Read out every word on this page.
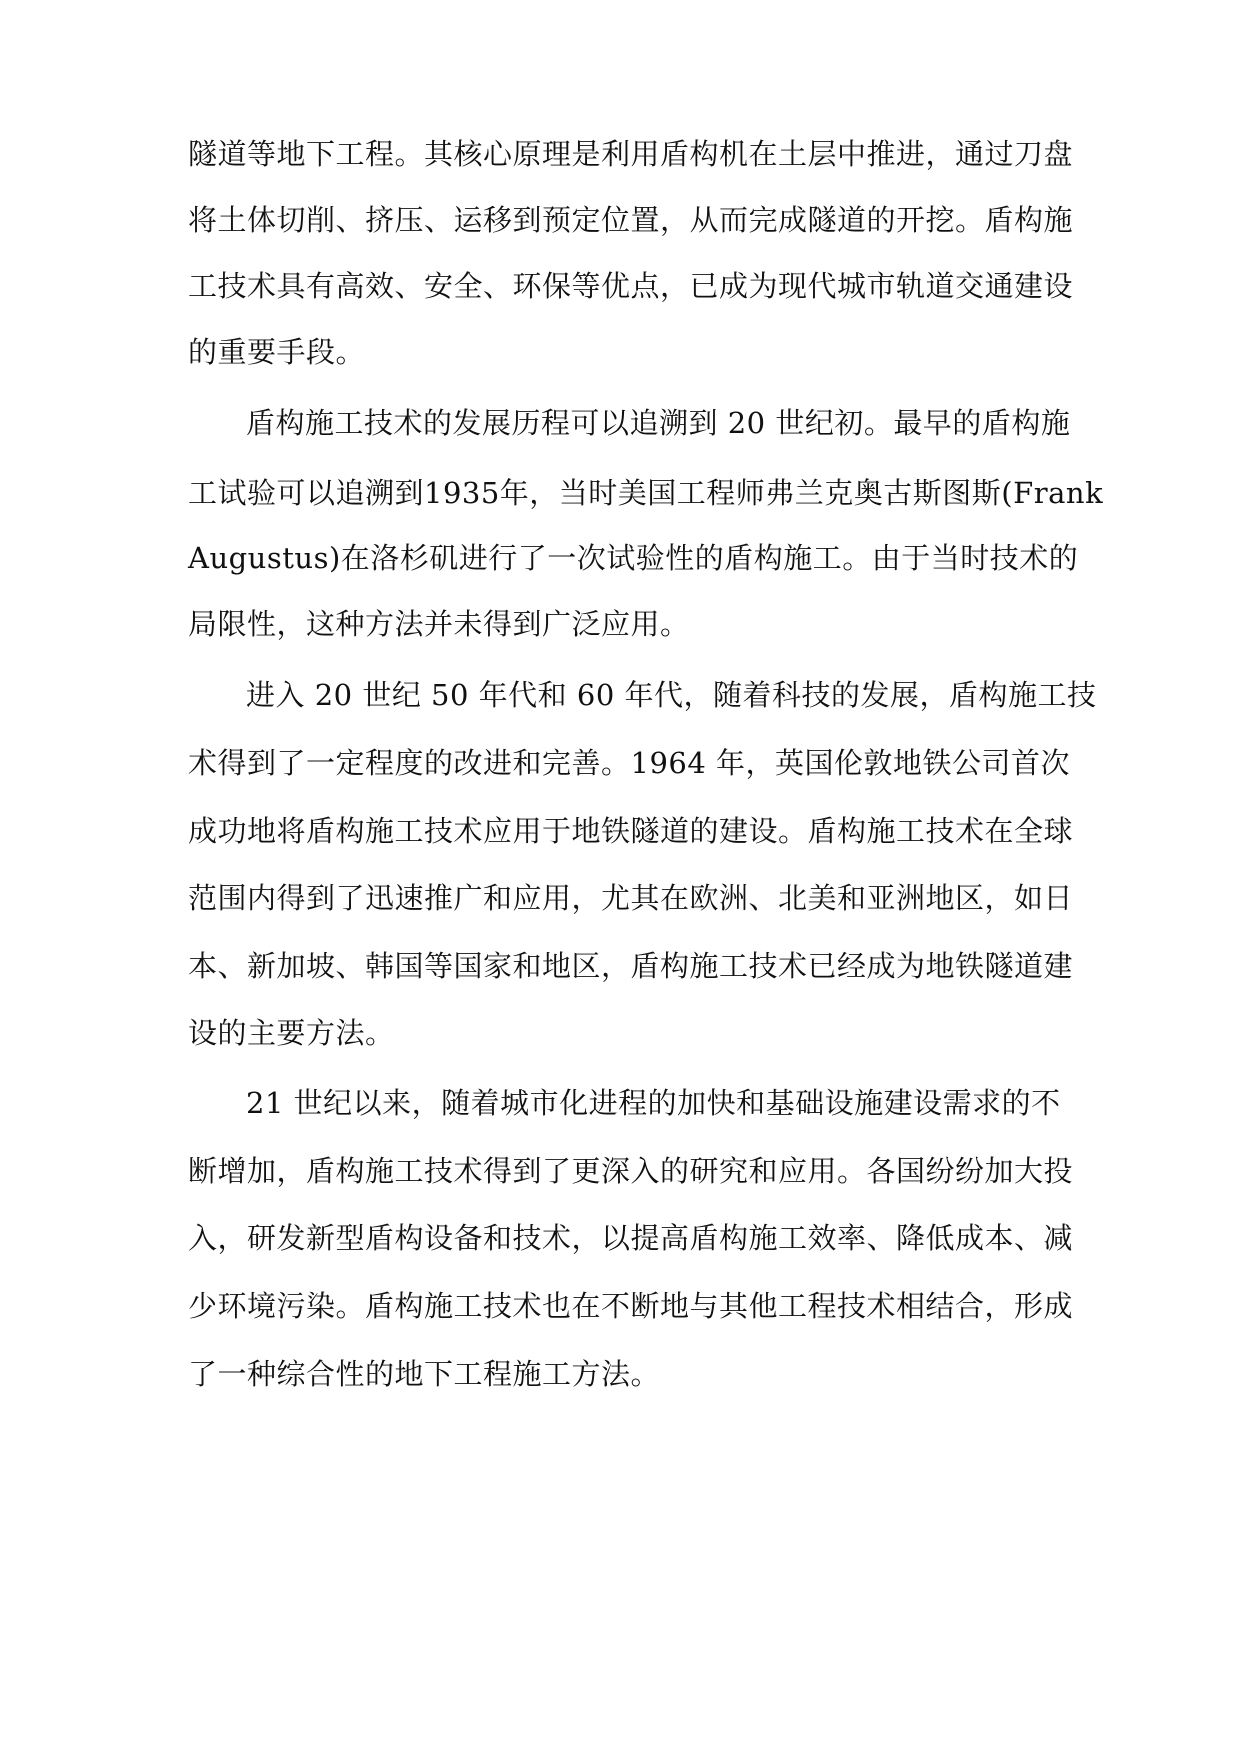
隧道等地下工程。其核心原理是利用盾构机在土层中推进，通过刀盘
将土体切削、挤压、运移到预定位置，从而完成隧道的开挖。盾构施
工技术具有高效、安全、环保等优点，已成为现代城市轨道交通建设
的重要手段。
盾构施工技术的发展历程可以追溯到 20 世纪初。最早的盾构施
工试验可以追溯到1935年，当时美国工程师弗兰克奥古斯图斯(Frank
Augustus)在洛杉矶进行了一次试验性的盾构施工。由于当时技术的
局限性，这种方法并未得到广泛应用。
进入 20 世纪 50 年代和 60 年代，随着科技的发展，盾构施工技
术得到了一定程度的改进和完善。1964 年，英国伦敦地铁公司首次
成功地将盾构施工技术应用于地铁隧道的建设。盾构施工技术在全球
范围内得到了迅速推广和应用，尤其在欧洲、北美和亚洲地区，如日
本、新加坡、韩国等国家和地区，盾构施工技术已经成为地铁隧道建
设的主要方法。
21 世纪以来，随着城市化进程的加快和基础设施建设需求的不
断增加，盾构施工技术得到了更深入的研究和应用。各国纷纷加大投
入，研发新型盾构设备和技术，以提高盾构施工效率、降低成本、减
少环境污染。盾构施工技术也在不断地与其他工程技术相结合，形成
了一种综合性的地下工程施工方法。
